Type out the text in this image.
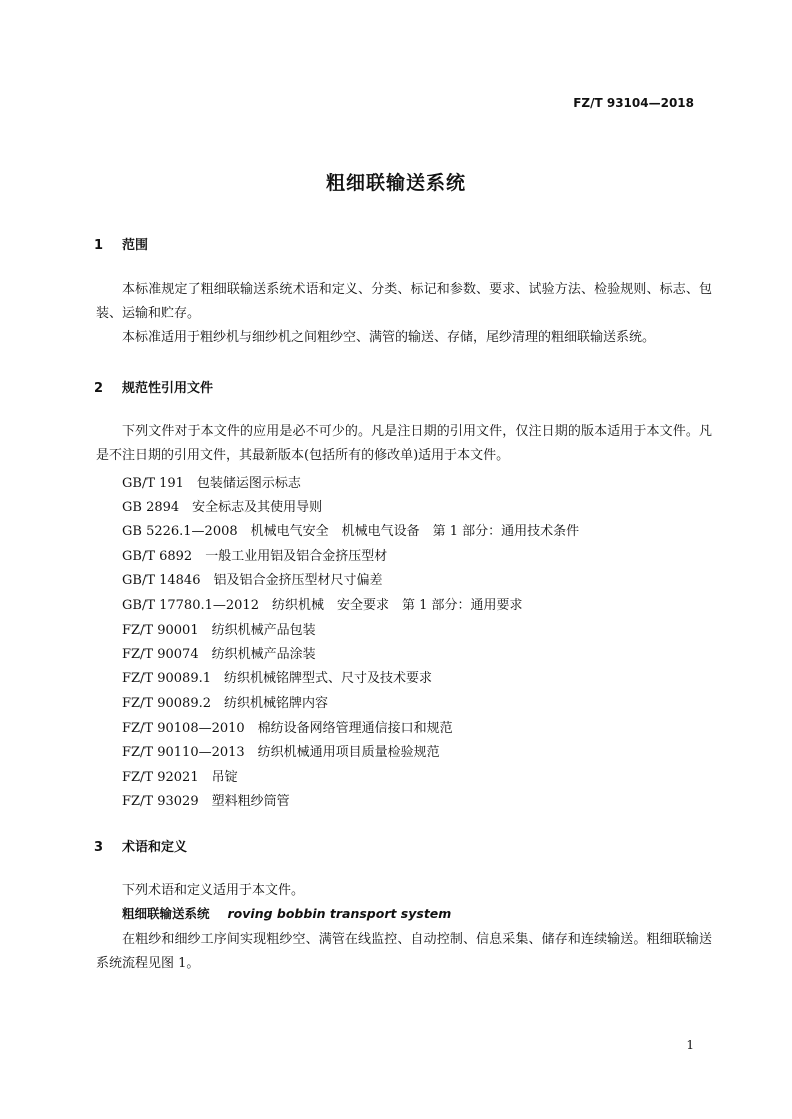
FZ/T 93104—2018
粗细联输送系统
1 范围
本标准规定了粗细联输送系统术语和定义、分类、标记和参数、要求、试验方法、检验规则、标志、包装、运输和贮存。
本标准适用于粗纱机与细纱机之间粗纱空、满管的输送、存储，尾纱清理的粗细联输送系统。
2 规范性引用文件
下列文件对于本文件的应用是必不可少的。凡是注日期的引用文件，仅注日期的版本适用于本文件。凡是不注日期的引用文件，其最新版本(包括所有的修改单)适用于本文件。
GB/T 191　包装储运图示标志
GB 2894　安全标志及其使用导则
GB 5226.1—2008　机械电气安全　机械电气设备　第 1 部分：通用技术条件
GB/T 6892　一般工业用铝及铝合金挤压型材
GB/T 14846　铝及铝合金挤压型材尺寸偏差
GB/T 17780.1—2012　纺织机械　安全要求　第 1 部分：通用要求
FZ/T 90001　纺织机械产品包装
FZ/T 90074　纺织机械产品涂装
FZ/T 90089.1　纺织机械铭牌型式、尺寸及技术要求
FZ/T 90089.2　纺织机械铭牌内容
FZ/T 90108—2010　棉纺设备网络管理通信接口和规范
FZ/T 90110—2013　纺织机械通用项目质量检验规范
FZ/T 92021　吊锭
FZ/T 93029　塑料粗纱筒管
3 术语和定义
下列术语和定义适用于本文件。
粗细联输送系统 roving bobbin transport system
在粗纱和细纱工序间实现粗纱空、满管在线监控、自动控制、信息采集、储存和连续输送。粗细联输送系统流程见图 1。
1
